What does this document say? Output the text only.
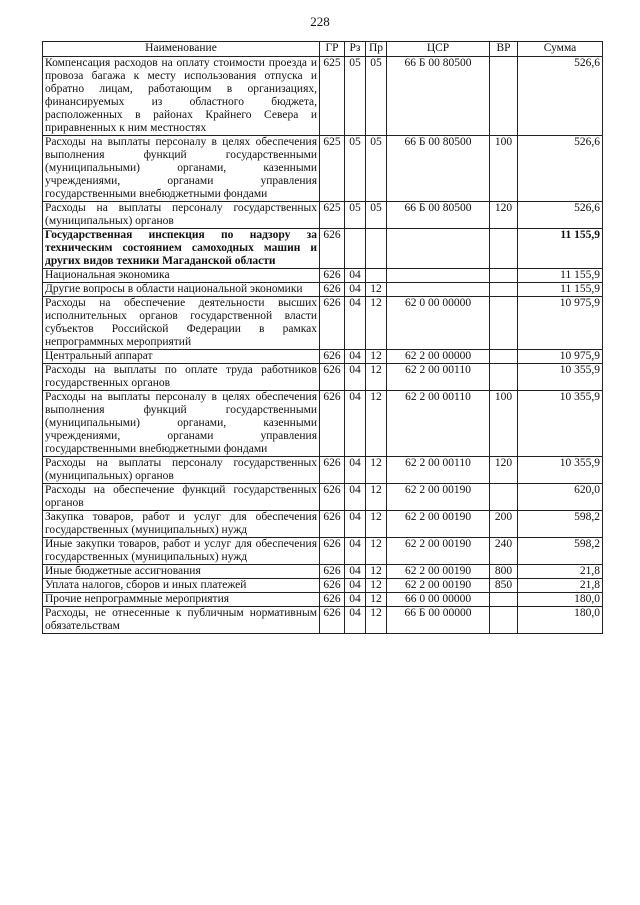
228
Наименование	ГР	Рз	Пр	ЦСР	ВР	Сумма
Компенсация расходов на оплату стоимости проезда и провоза багажа к месту использования отпуска и обратно лицам, работающим в организациях, финансируемых из областного бюджета, расположенных в районах Крайнего Севера и приравненных к ним местностях	625	05	05	66 Б 00 80500		526,6
Расходы на выплаты персоналу в целях обеспечения выполнения функций государственными (муниципальными) органами, казенными учреждениями, органами управления государственными внебюджетными фондами	625	05	05	66 Б 00 80500	100	526,6
Расходы на выплаты персоналу государственных (муниципальных) органов	625	05	05	66 Б 00 80500	120	526,6
Государственная инспекция по надзору за техническим состоянием самоходных машин и других видов техники Магаданской области	626					11 155,9
Национальная экономика	626	04				11 155,9
Другие вопросы в области национальной экономики	626	04	12			11 155,9
Расходы на обеспечение деятельности высших исполнительных органов государственной власти субъектов Российской Федерации в рамках непрограммных мероприятий	626	04	12	62 0 00 00000		10 975,9
Центральный аппарат	626	04	12	62 2 00 00000		10 975,9
Расходы на выплаты по оплате труда работников государственных органов	626	04	12	62 2 00 00110		10 355,9
Расходы на выплаты персоналу в целях обеспечения выполнения функций государственными (муниципальными) органами, казенными учреждениями, органами управления государственными внебюджетными фондами	626	04	12	62 2 00 00110	100	10 355,9
Расходы на выплаты персоналу государственных (муниципальных) органов	626	04	12	62 2 00 00110	120	10 355,9
Расходы на обеспечение функций государственных органов	626	04	12	62 2 00 00190		620,0
Закупка товаров, работ и услуг для обеспечения государственных (муниципальных) нужд	626	04	12	62 2 00 00190	200	598,2
Иные закупки товаров, работ и услуг для обеспечения государственных (муниципальных) нужд	626	04	12	62 2 00 00190	240	598,2
Иные бюджетные ассигнования	626	04	12	62 2 00 00190	800	21,8
Уплата налогов, сборов и иных платежей	626	04	12	62 2 00 00190	850	21,8
Прочие непрограммные мероприятия	626	04	12	66 0 00 00000		180,0
Расходы, не отнесенные к публичным нормативным обязательствам	626	04	12	66 Б 00 00000		180,0
